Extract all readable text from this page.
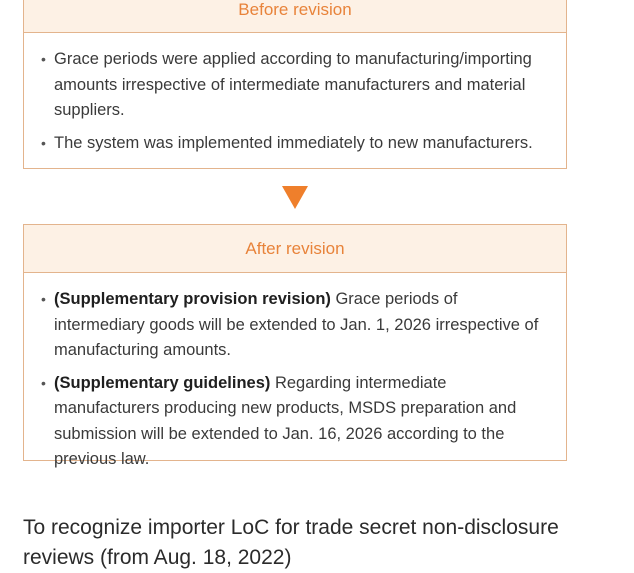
Before revision
• Grace periods were applied according to manufacturing/importing amounts irrespective of intermediate manufacturers and material suppliers.
• The system was implemented immediately to new manufacturers.
After revision
• (Supplementary provision revision) Grace periods of intermediary goods will be extended to Jan. 1, 2026 irrespective of manufacturing amounts.
• (Supplementary guidelines) Regarding intermediate manufacturers producing new products, MSDS preparation and submission will be extended to Jan. 16, 2026 according to the previous law.
To recognize importer LoC for trade secret non-disclosure reviews (from Aug. 18, 2022)
